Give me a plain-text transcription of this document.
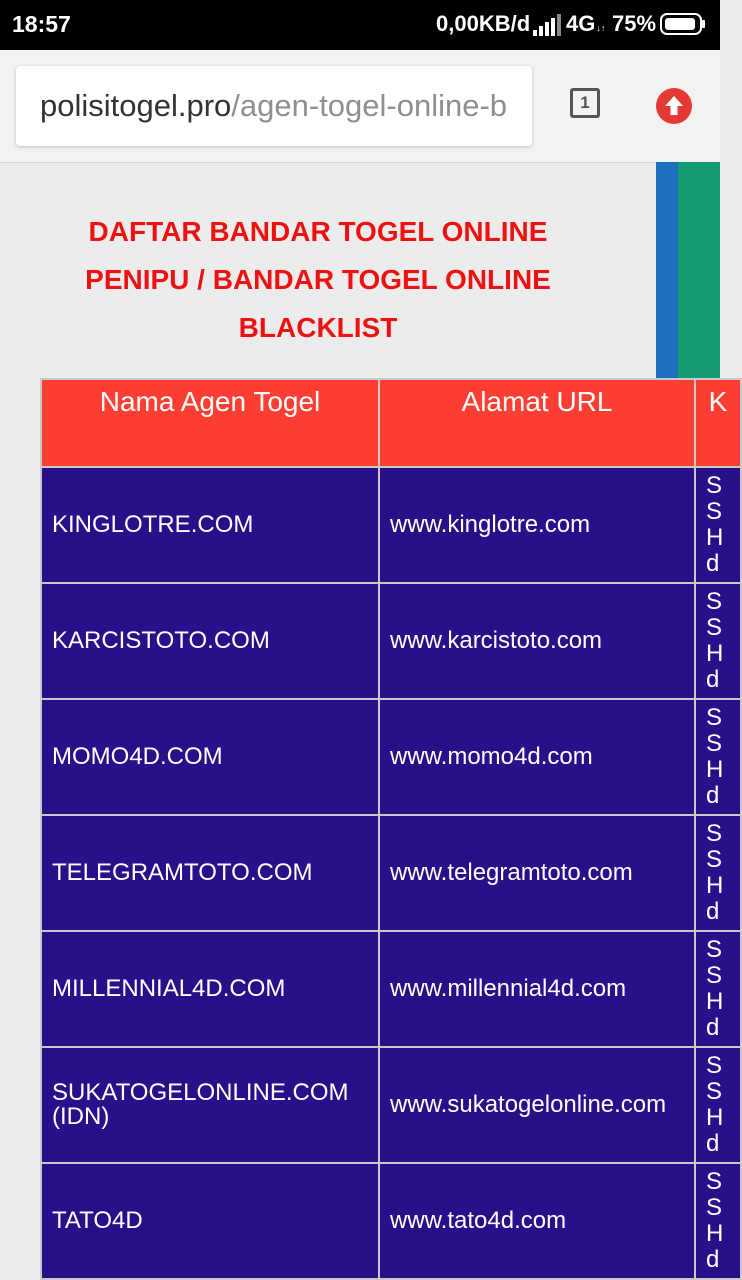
18:57	0,00KB/d 4G↓↑ 75%
polisitogel.pro/agen-togel-online-b	1
DAFTAR BANDAR TOGEL ONLINE PENIPU / BANDAR TOGEL ONLINE BLACKLIST
Nama Agen Togel	Alamat URL	K
KINGLOTRE.COM	www.kinglotre.com	S
S
H
d
KARCISTOTO.COM	www.karcistoto.com	S
S
H
d
MOMO4D.COM	www.momo4d.com	S
S
H
d
TELEGRAMTOTO.COM	www.telegramtoto.com	S
S
H
d
MILLENNIAL4D.COM	www.millennial4d.com	S
S
H
d
SUKATOGELONLINE.COM (IDN)	www.sukatogelonline.com	S
S
H
d
TATO4D	www.tato4d.com	S
S
H
d
